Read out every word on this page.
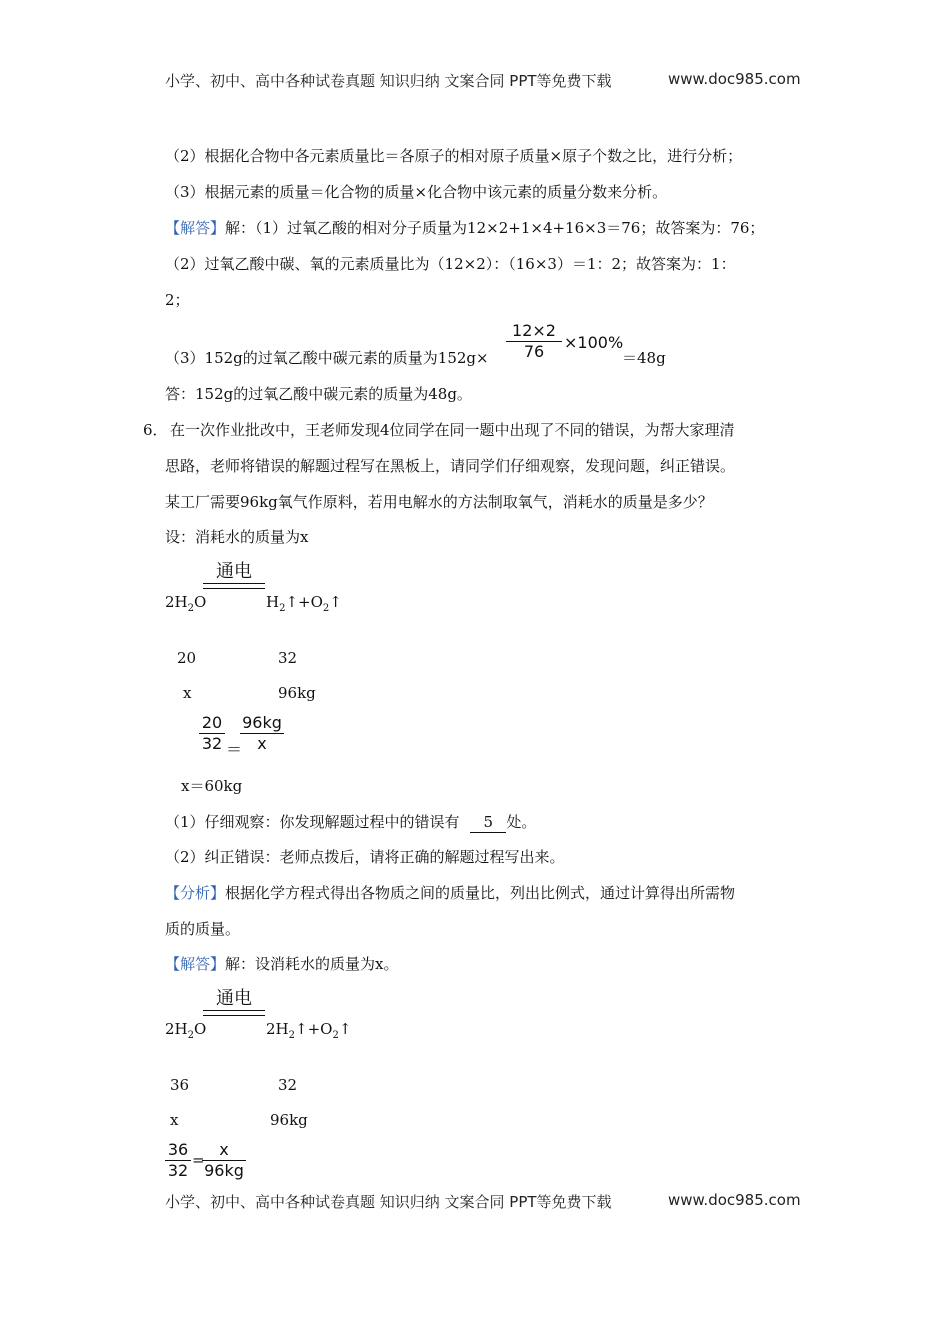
小学、初中、高中各种试卷真题 知识归纳 文案合同 PPT等免费下载	www.doc985.com
（2）根据化合物中各元素质量比＝各原子的相对原子质量×原子个数之比，进行分析；
（3）根据元素的质量＝化合物的质量×化合物中该元素的质量分数来分析。
【解答】解：（1）过氧乙酸的相对分子质量为12×2+1×4+16×3＝76；故答案为：76；
（2）过氧乙酸中碳、氧的元素质量比为（12×2）：（16×3）＝1：2；故答案为：1：
2；
（3）152g的过氧乙酸中碳元素的质量为152g×
12×2
76	×100%
＝48g
答：152g的过氧乙酸中碳元素的质量为48g。
6． 在一次作业批改中，王老师发现4位同学在同一题中出现了不同的错误，为帮大家理清
思路，老师将错误的解题过程写在黑板上，请同学们仔细观察，发现问题，纠正错误。
某工厂需要96kg氧气作原料，若用电解水的方法制取氧气，消耗水的质量是多少？
设：消耗水的质量为x
通电
$2H_2O$	$H_2↑+O_2↑$
20	32
x	96kg
20
32 ＝
96kg
x
x＝60kg
（1）仔细观察：你发现解题过程中的错误有 5 处。
（2）纠正错误：老师点拨后，请将正确的解题过程写出来。
【分析】根据化学方程式得出各物质之间的质量比，列出比例式，通过计算得出所需物
质的质量。
【解答】解：设消耗水的质量为x。
通电
$2H_2O$	$2H_2↑+O_2↑$
36	32
x	96kg
36
32
=
x
96kg
小学、初中、高中各种试卷真题 知识归纳 文案合同 PPT等免费下载	www.doc985.com
